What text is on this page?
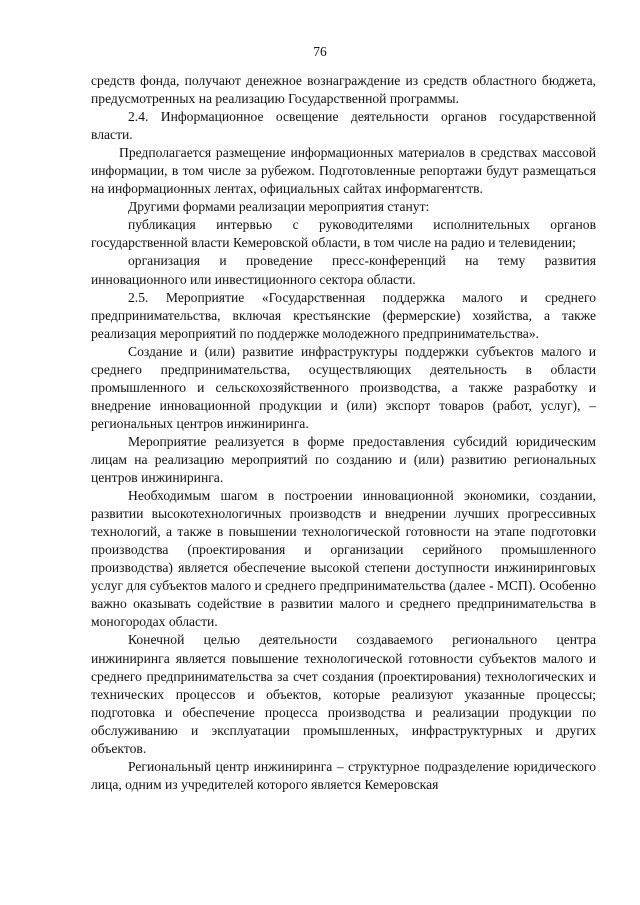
76

средств фонда, получают денежное вознаграждение из средств областного бюджета, предусмотренных на реализацию Государственной программы.

2.4. Информационное освещение деятельности органов государственной власти.

Предполагается размещение информационных материалов в средствах массовой информации, в том числе за рубежом. Подготовленные репортажи будут размещаться на информационных лентах, официальных сайтах информагентств.

Другими формами реализации мероприятия станут:

публикация интервью с руководителями исполнительных органов государственной власти Кемеровской области, в том числе на радио и телевидении;

организация и проведение пресс-конференций на тему развития инновационного или инвестиционного сектора области.

2.5. Мероприятие «Государственная поддержка малого и среднего предпринимательства, включая крестьянские (фермерские) хозяйства, а также реализация мероприятий по поддержке молодежного предпринимательства».

Создание и (или) развитие инфраструктуры поддержки субъектов малого и среднего предпринимательства, осуществляющих деятельность в области промышленного и сельскохозяйственного производства, а также разработку и внедрение инновационной продукции и (или) экспорт товаров (работ, услуг), – региональных центров инжиниринга.

Мероприятие реализуется в форме предоставления субсидий юридическим лицам на реализацию мероприятий по созданию и (или) развитию региональных центров инжиниринга.

Необходимым шагом в построении инновационной экономики, создании, развитии высокотехнологичных производств и внедрении лучших прогрессивных технологий, а также в повышении технологической готовности на этапе подготовки производства (проектирования и организации серийного промышленного производства) является обеспечение высокой степени доступности инжиниринговых услуг для субъектов малого и среднего предпринимательства (далее - МСП). Особенно важно оказывать содействие в развитии малого и среднего предпринимательства в моногородах области.

Конечной целью деятельности создаваемого регионального центра инжиниринга является повышение технологической готовности субъектов малого и среднего предпринимательства за счет создания (проектирования) технологических и технических процессов и объектов, которые реализуют указанные процессы; подготовка и обеспечение процесса производства и реализации продукции по обслуживанию и эксплуатации промышленных, инфраструктурных и других объектов.

Региональный центр инжиниринга – структурное подразделение юридического лица, одним из учредителей которого является Кемеровская
